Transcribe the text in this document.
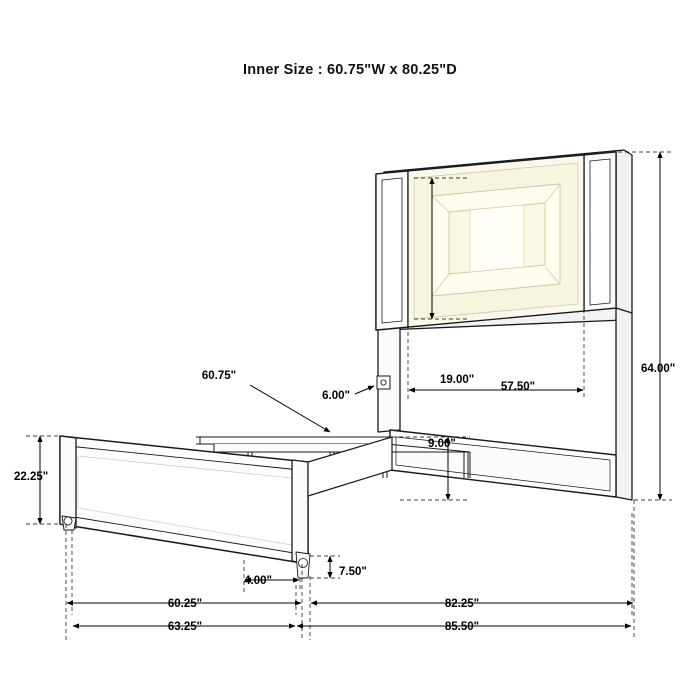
Inner Size : 60.75"W x 80.25"D
64.00"
57.50"
19.00"
9.00"
60.75"
6.00"
22.25"
7.50"
4.00"
60.25"	82.25"
63.25"	85.50"
